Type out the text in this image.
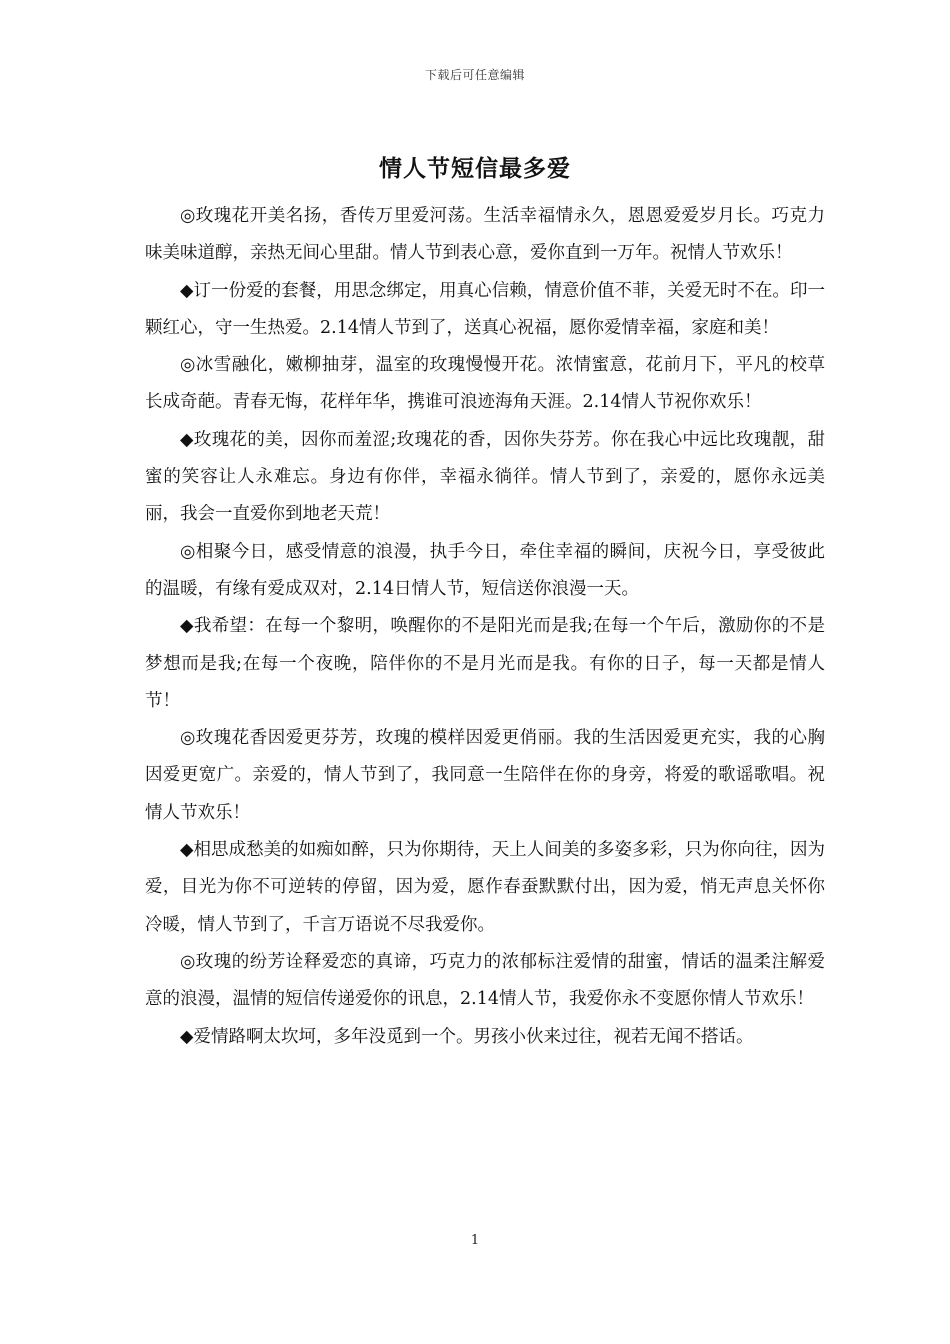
下载后可任意编辑
情人节短信最多爱

◎玫瑰花开美名扬，香传万里爱河荡。生活幸福情永久，恩恩爱爱岁月长。巧克力味美味道醇，亲热无间心里甜。情人节到表心意，爱你直到一万年。祝情人节欢乐！

◆订一份爱的套餐，用思念绑定，用真心信赖，情意价值不菲，关爱无时不在。印一颗红心，守一生热爱。2.14情人节到了，送真心祝福，愿你爱情幸福，家庭和美！

◎冰雪融化，嫩柳抽芽，温室的玫瑰慢慢开花。浓情蜜意，花前月下，平凡的校草长成奇葩。青春无悔，花样年华，携谁可浪迹海角天涯。2.14情人节祝你欢乐！

◆玫瑰花的美，因你而羞涩;玫瑰花的香，因你失芬芳。你在我心中远比玫瑰靓，甜蜜的笑容让人永难忘。身边有你伴，幸福永徜徉。情人节到了，亲爱的，愿你永远美丽，我会一直爱你到地老天荒！

◎相聚今日，感受情意的浪漫，执手今日，牵住幸福的瞬间，庆祝今日，享受彼此的温暖，有缘有爱成双对，2.14日情人节，短信送你浪漫一天。

◆我希望：在每一个黎明，唤醒你的不是阳光而是我;在每一个午后，激励你的不是梦想而是我;在每一个夜晚，陪伴你的不是月光而是我。有你的日子，每一天都是情人节！

◎玫瑰花香因爱更芬芳，玫瑰的模样因爱更俏丽。我的生活因爱更充实，我的心胸因爱更宽广。亲爱的，情人节到了，我同意一生陪伴在你的身旁，将爱的歌谣歌唱。祝情人节欢乐！

◆相思成愁美的如痴如醉，只为你期待，天上人间美的多姿多彩，只为你向往，因为爱，目光为你不可逆转的停留，因为爱，愿作春蚕默默付出，因为爱，悄无声息关怀你冷暖，情人节到了，千言万语说不尽我爱你。

◎玫瑰的纷芳诠释爱恋的真谛，巧克力的浓郁标注爱情的甜蜜，情话的温柔注解爱意的浪漫，温情的短信传递爱你的讯息，2.14情人节，我爱你永不变愿你情人节欢乐！

◆爱情路啊太坎坷，多年没觅到一个。男孩小伙来过往，视若无闻不搭话。

1
